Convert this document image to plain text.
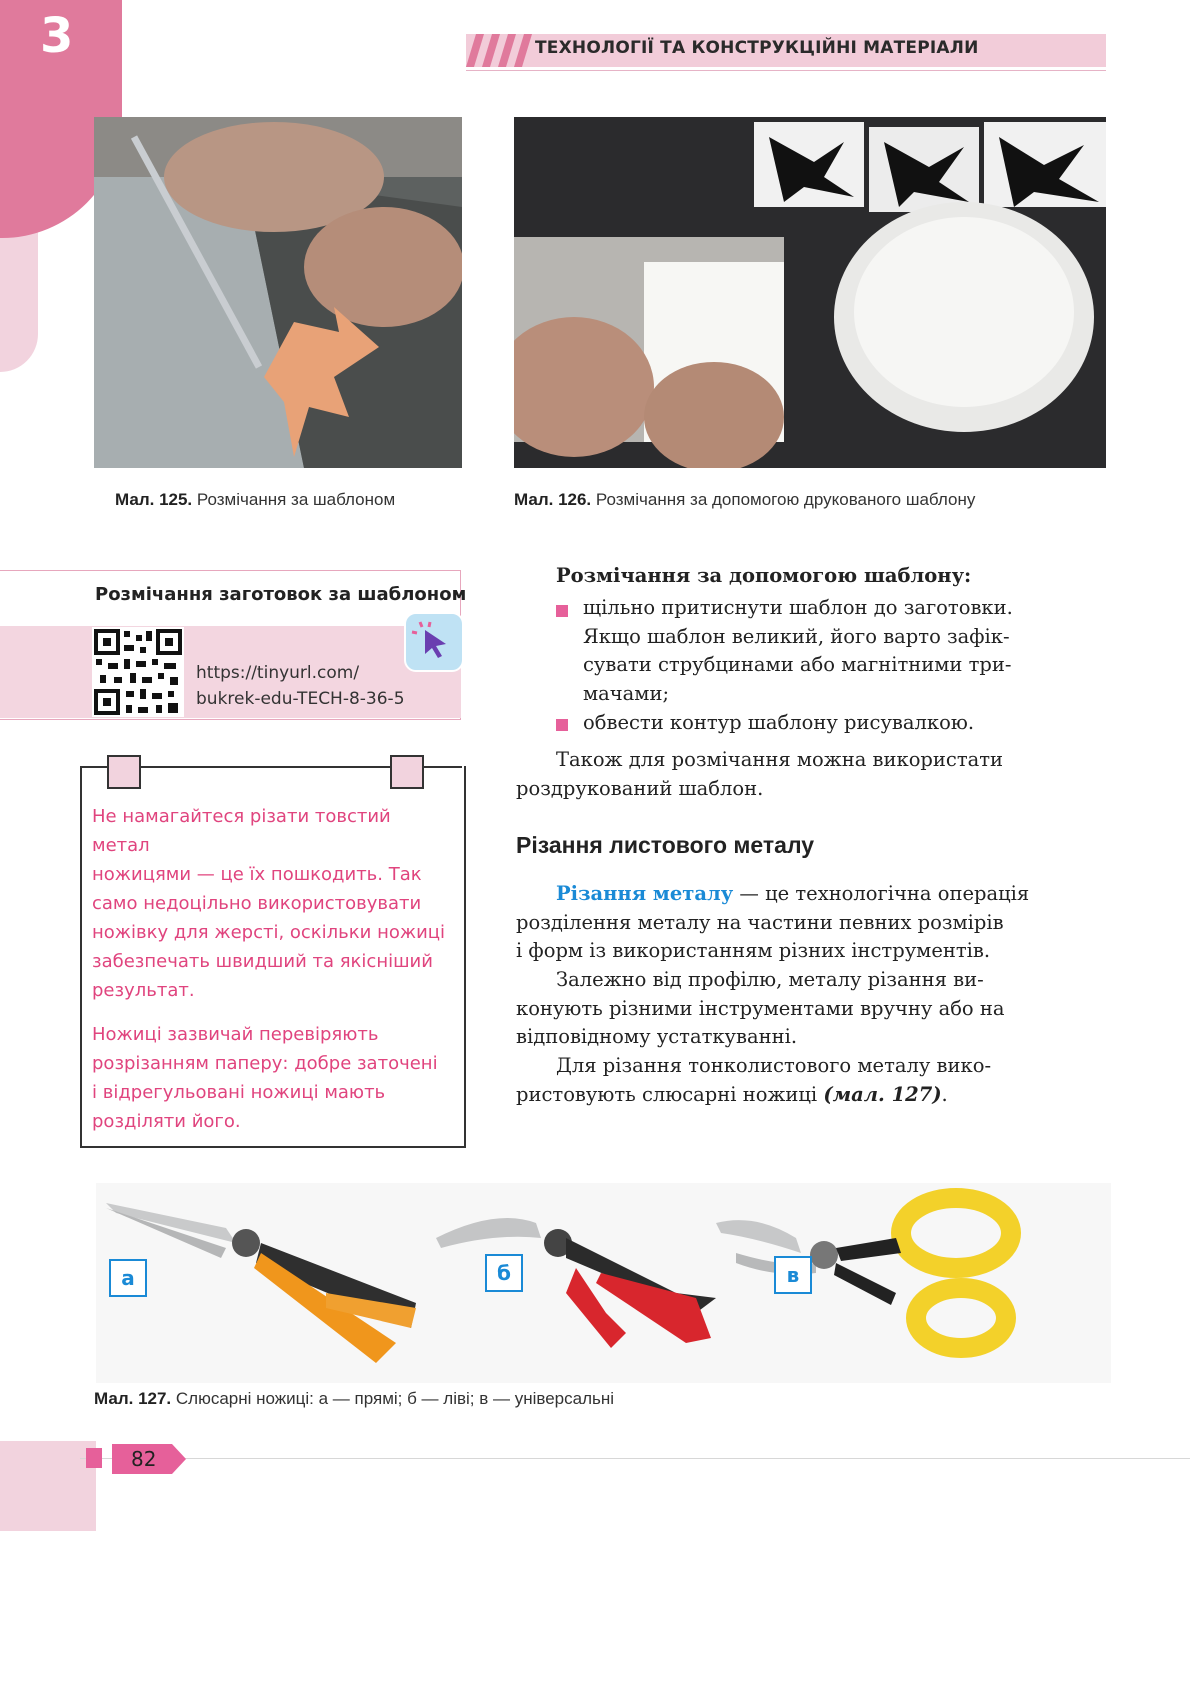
3	ТЕХНОЛОГІЇ ТА КОНСТРУКЦІЙНІ МАТЕРІАЛИ
Мал. 125. Розмічання за шаблоном	Мал. 126. Розмічання за допомогою друкованого шаблону
Розмічання заготовок за шаблоном
https://tinyurl.com/
bukrek-edu-TECH-8-36-5
Не намагайтеся різати товстий метал
ножицями — це їх пошкодить. Так
само недоцільно використовувати
ножівку для жерсті, оскільки ножиці
забезпечать швидший та якісніший
результат.
Ножиці зазвичай перевіряють
розрізанням паперу: добре заточені
і відрегульовані ножиці мають
розділяти його.
Розмічання за допомогою шаблону:
щільно притиснути шаблон до заготовки.
Якщо шаблон великий, його варто зафік-
сувати струбцинами або магнітними три-
мачами;
обвести контур шаблону рисувалкою.
Також для розмічання можна використати
роздрукований шаблон.
Різання листового металу
Різання металу — це технологічна операція
розділення металу на частини певних розмірів
і форм із використанням різних інструментів.
Залежно від профілю, металу різання ви-
конують різними інструментами вручну або на
відповідному устаткуванні.
Для різання тонколистового металу вико-
ристовують слюсарні ножиці (мал. 127).
а	б	в
Мал. 127. Слюсарні ножиці: а — прямі; б — ліві; в — універсальні
82
